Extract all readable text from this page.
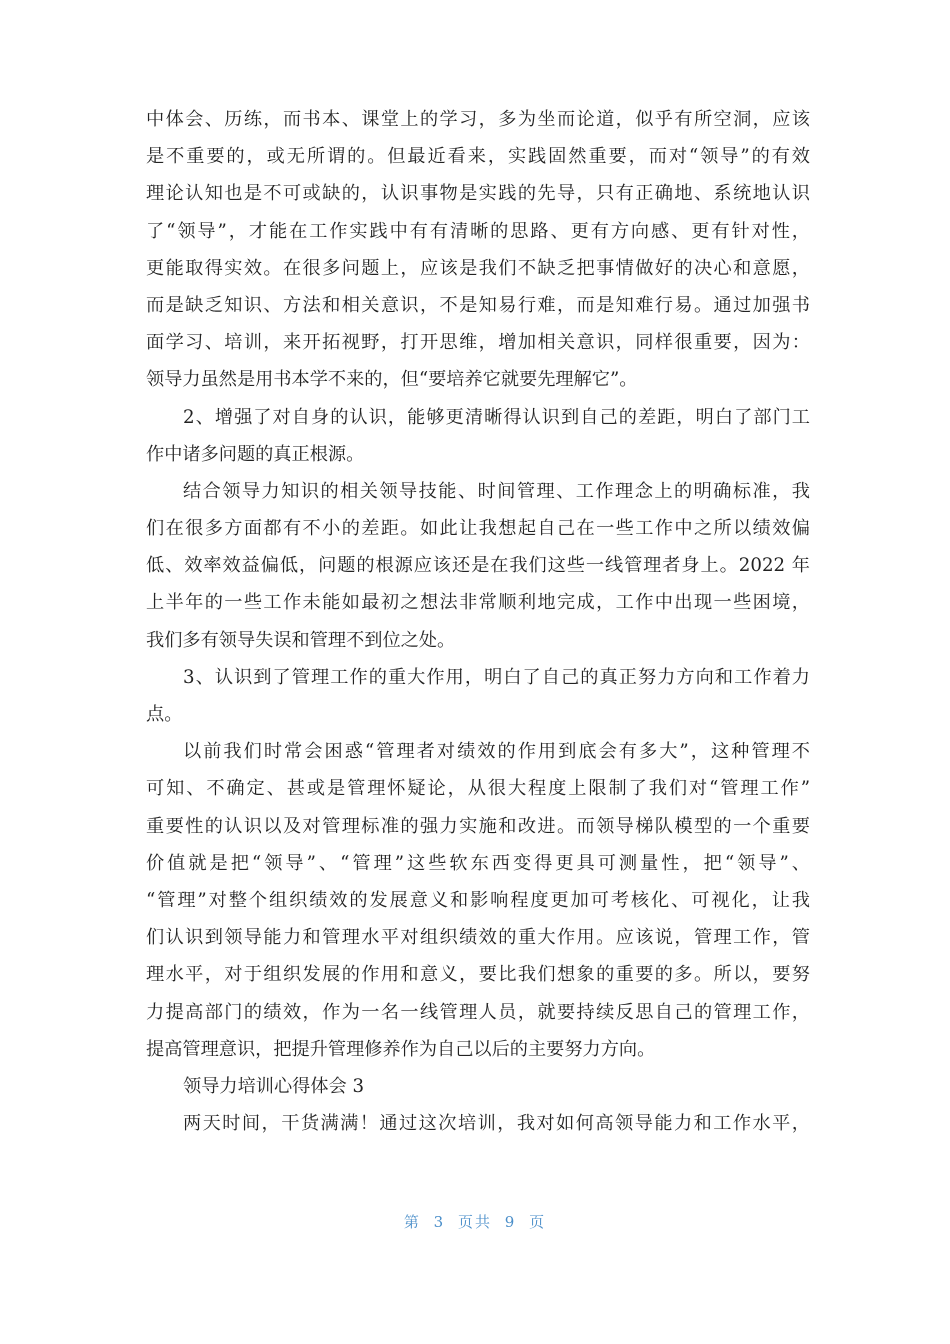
中体会、历练，而书本、课堂上的学习，多为坐而论道，似乎有所空洞，应该
是不重要的，或无所谓的。但最近看来，实践固然重要，而对“领导”的有效
理论认知也是不可或缺的，认识事物是实践的先导，只有正确地、系统地认识
了“领导”，才能在工作实践中有有清晰的思路、更有方向感、更有针对性，
更能取得实效。在很多问题上，应该是我们不缺乏把事情做好的决心和意愿，
而是缺乏知识、方法和相关意识，不是知易行难，而是知难行易。通过加强书
面学习、培训，来开拓视野，打开思维，增加相关意识，同样很重要，因为：
领导力虽然是用书本学不来的，但“要培养它就要先理解它”。
2、增强了对自身的认识，能够更清晰得认识到自己的差距，明白了部门工
作中诸多问题的真正根源。
结合领导力知识的相关领导技能、时间管理、工作理念上的明确标准，我
们在很多方面都有不小的差距。如此让我想起自己在一些工作中之所以绩效偏
低、效率效益偏低，问题的根源应该还是在我们这些一线管理者身上。2022 年
上半年的一些工作未能如最初之想法非常顺利地完成，工作中出现一些困境，
我们多有领导失误和管理不到位之处。
3、认识到了管理工作的重大作用，明白了自己的真正努力方向和工作着力
点。
以前我们时常会困惑“管理者对绩效的作用到底会有多大”，这种管理不
可知、不确定、甚或是管理怀疑论，从很大程度上限制了我们对“管理工作”
重要性的认识以及对管理标准的强力实施和改进。而领导梯队模型的一个重要
价值就是把“领导”、“管理”这些软东西变得更具可测量性，把“领导”、
“管理”对整个组织绩效的发展意义和影响程度更加可考核化、可视化，让我
们认识到领导能力和管理水平对组织绩效的重大作用。应该说，管理工作，管
理水平，对于组织发展的作用和意义，要比我们想象的重要的多。所以，要努
力提高部门的绩效，作为一名一线管理人员，就要持续反思自己的管理工作，
提高管理意识，把提升管理修养作为自己以后的主要努力方向。
领导力培训心得体会 3
两天时间，干货满满！通过这次培训，我对如何高领导能力和工作水平，
第 3 页共 9 页
